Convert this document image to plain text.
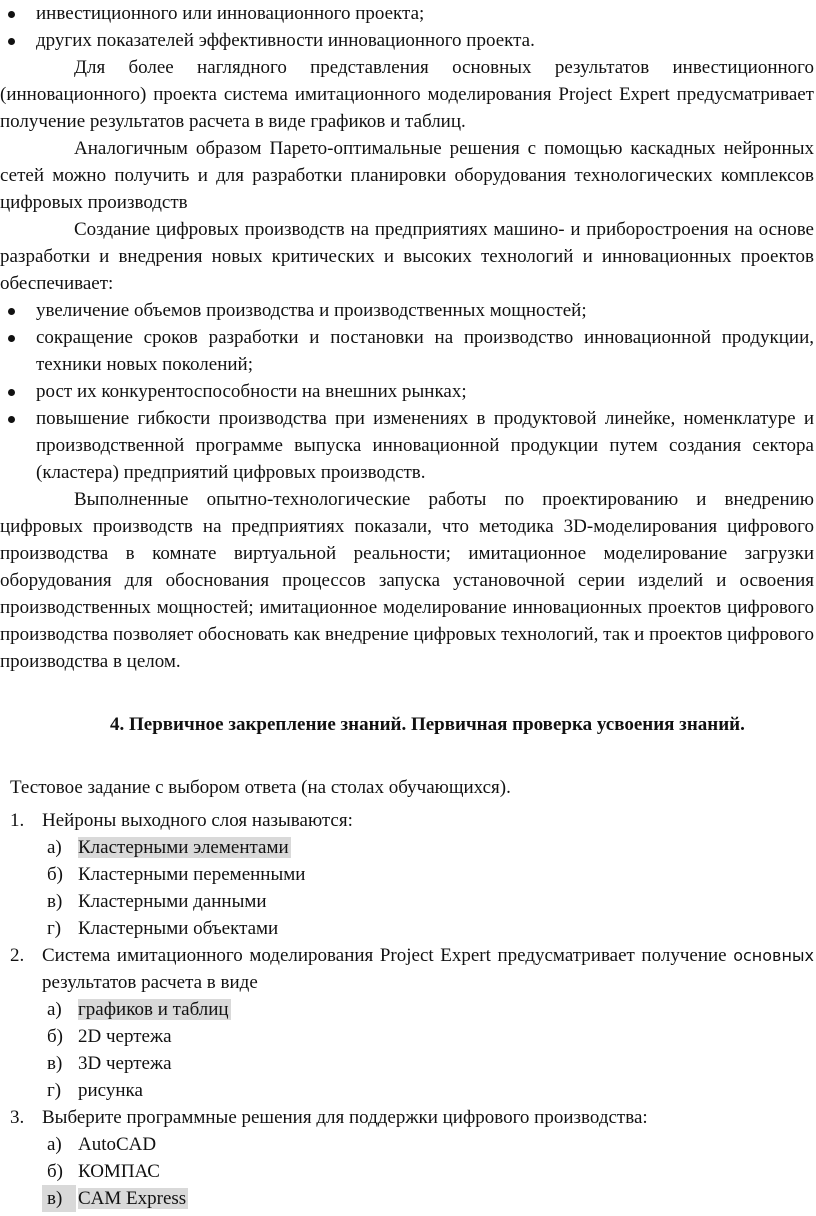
инвестиционного или инновационного проекта;
других показателей эффективности инновационного проекта.

Для более наглядного представления основных результатов инвестиционного (инновационного) проекта система имитационного моделирования Project Expert предусматривает получение результатов расчета в виде графиков и таблиц.

Аналогичным образом Парето-оптимальные решения с помощью каскадных нейронных сетей можно получить и для разработки планировки оборудования технологических комплексов цифровых производств

Создание цифровых производств на предприятиях машино- и приборостроения на основе разработки и внедрения новых критических и высоких технологий и инновационных проектов обеспечивает:

увеличение объемов производства и производственных мощностей;
сокращение сроков разработки и постановки на производство инновационной продукции, техники новых поколений;
рост их конкурентоспособности на внешних рынках;
повышение гибкости производства при изменениях в продуктовой линейке, номенклатуре и производственной программе выпуска инновационной продукции путем создания сектора (кластера) предприятий цифровых производств.

Выполненные опытно-технологические работы по проектированию и внедрению цифровых производств на предприятиях показали, что методика 3D-моделирования цифрового производства в комнате виртуальной реальности; имитационное моделирование загрузки оборудования для обоснования процессов запуска установочной серии изделий и освоения производственных мощностей; имитационное моделирование инновационных проектов цифрового производства позволяет обосновать как внедрение цифровых технологий, так и проектов цифрового производства в целом.

4. Первичное закрепление знаний. Первичная проверка усвоения знаний.
Тестовое задание с выбором ответа (на столах обучающихся).
1. Нейроны выходного слоя называются:
а) Кластерными элементами
б) Кластерными переменными
в) Кластерными данными
г) Кластерными объектами
2. Система имитационного моделирования Project Expert предусматривает получение основных результатов расчета в виде
а) графиков и таблиц
б) 2D чертежа
в) 3D чертежа
г) рисунка
3. Выберите программные решения для поддержки цифрового производства:
а) AutoCAD
б) КОМПАС
в) CAM Express
